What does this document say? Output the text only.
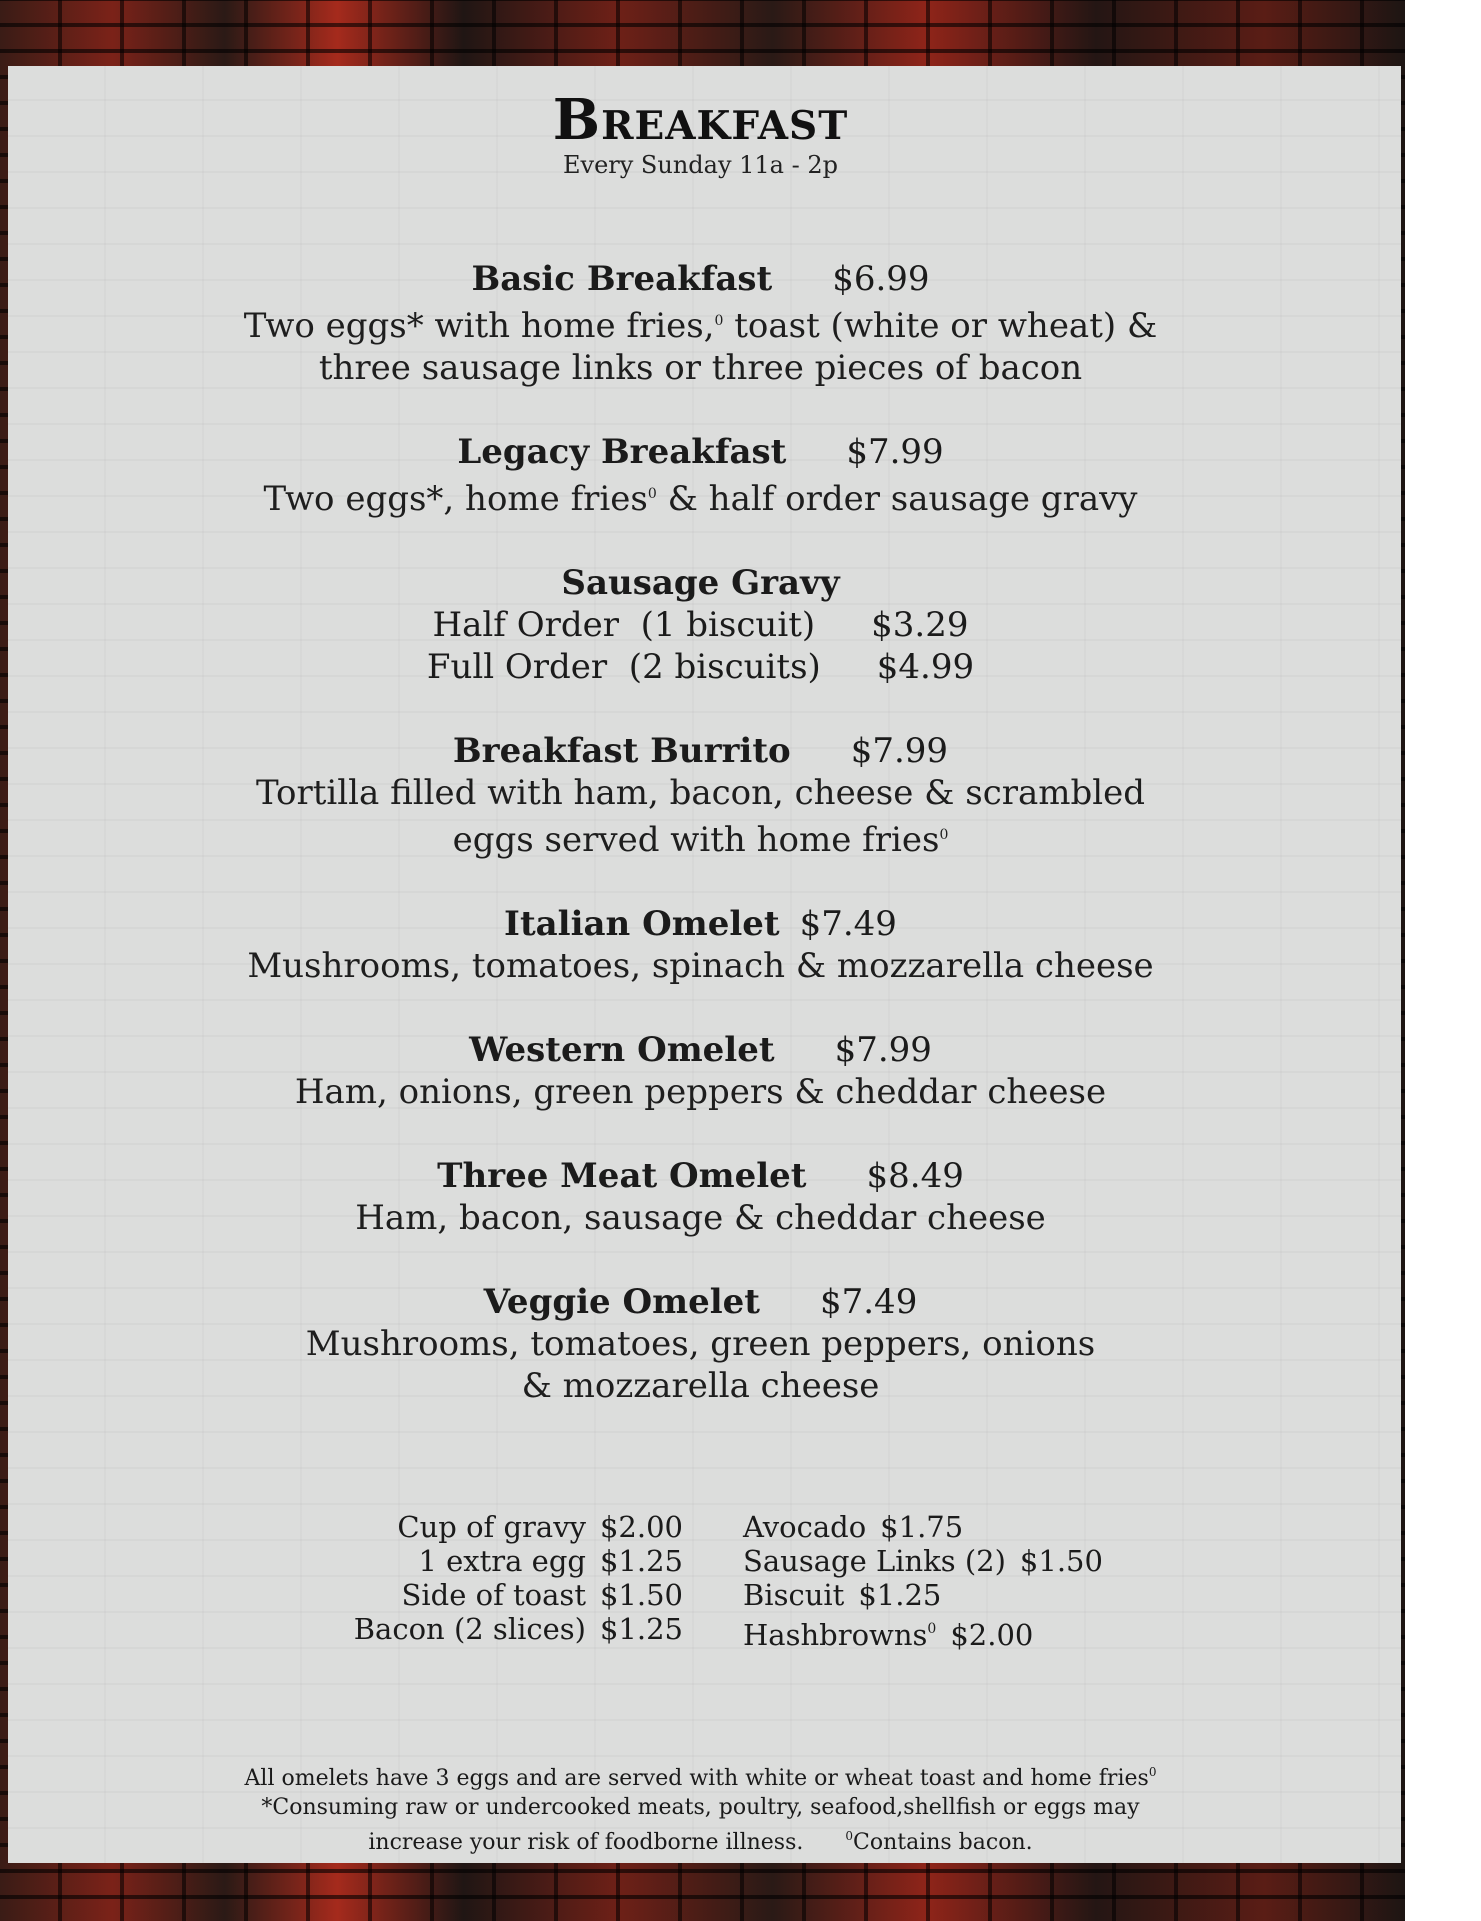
Breakfast
Every Sunday 11a - 2p
Basic Breakfast $6.99
Two eggs* with home fries,$^0$ toast (white or wheat) &
three sausage links or three pieces of bacon
Legacy Breakfast $7.99
Two eggs*, home fries$^0$ & half order sausage gravy
Sausage Gravy
Half Order  (1 biscuit) $3.29
Full Order  (2 biscuits) $4.99
Breakfast Burrito $7.99
Tortilla filled with ham, bacon, cheese & scrambled
eggs served with home fries$^0$
Italian Omelet $7.49
Mushrooms, tomatoes, spinach & mozzarella cheese
Western Omelet $7.99
Ham, onions, green peppers & cheddar cheese
Three Meat Omelet $8.49
Ham, bacon, sausage & cheddar cheese
Veggie Omelet $7.49
Mushrooms, tomatoes, green peppers, onions
& mozzarella cheese
Cup of gravy $2.00
1 extra egg $1.25
Side of toast $1.50
Bacon (2 slices) $1.25
Avocado $1.75
Sausage Links (2) $1.50
Biscuit $1.25
Hashbrowns$^0$ $2.00
All omelets have 3 eggs and are served with white or wheat toast and home fries$^0$
*Consuming raw or undercooked meats, poultry, seafood,shellfish or eggs may
increase your risk of foodborne illness.	$^0$Contains bacon.
